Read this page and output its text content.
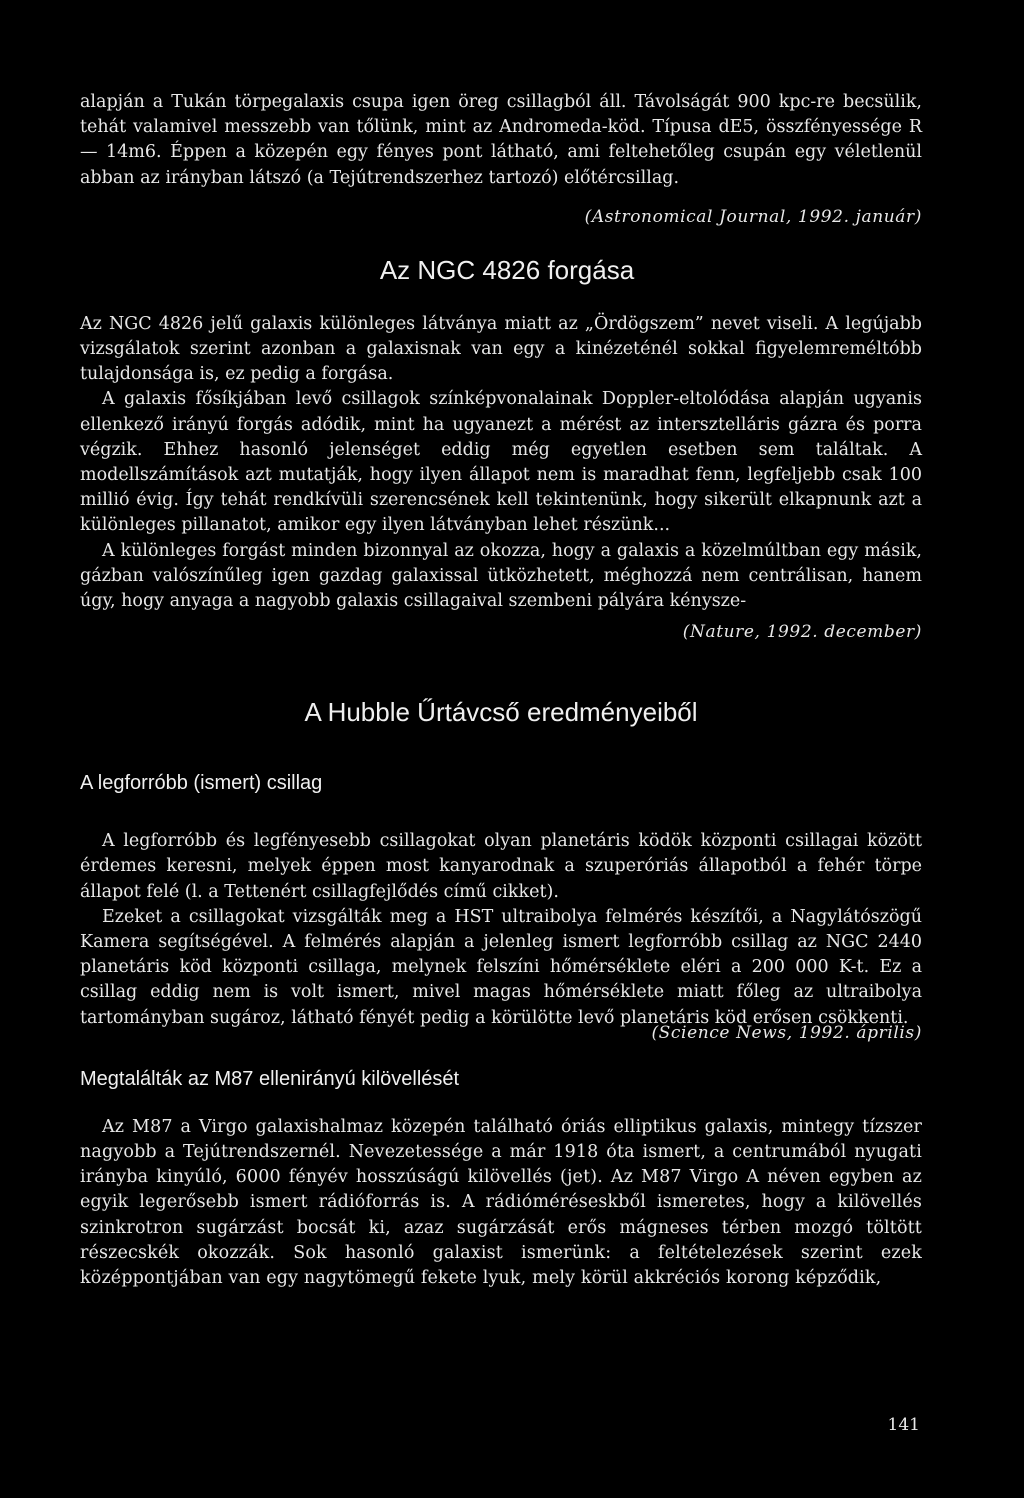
alapján a Tukán törpegalaxis csupa igen öreg csillagból áll. Távolságát 900 kpc-re becsülik, tehát valamivel messzebb van tőlünk, mint az Andromeda-köd. Típusa dE5, összfényessége R — 14m6. Éppen a közepén egy fényes pont látható, ami feltehetőleg csupán egy véletlenül abban az irányban látszó (a Tejútrendszerhez tartozó) előtércsillag.

(Astronomical Journal, 1992. január)
Az NGC 4826 forgása

Az NGC 4826 jelű galaxis különleges látványa miatt az „Ördögszem” nevet viseli. A legújabb vizsgálatok szerint azonban a galaxisnak van egy a kinézeténél sokkal figyelemreméltóbb tulajdonsága is, ez pedig a forgása.

A galaxis fősíkjában levő csillagok színképvonalainak Doppler-eltolódása alapján ugyanis ellenkező irányú forgás adódik, mint ha ugyanezt a mérést az intersztelláris gázra és porra végzik. Ehhez hasonló jelenséget eddig még egyetlen esetben sem találtak. A modellszámítások azt mutatják, hogy ilyen állapot nem is maradhat fenn, legfeljebb csak 100 millió évig. Így tehát rendkívüli szerencsének kell tekintenünk, hogy sikerült elkapnunk azt a különleges pillanatot, amikor egy ilyen látványban lehet részünk...

A különleges forgást minden bizonnyal az okozza, hogy a galaxis a közelmúltban egy másik, gázban valószínűleg igen gazdag galaxissal ütközhetett, méghozzá nem centrálisan, hanem úgy, hogy anyaga a nagyobb galaxis csillagaival szembeni pályára kénysze-

(Nature, 1992. december)
A Hubble Űrtávcső eredményeiből
A legforróbb (ismert) csillag

A legforróbb és legfényesebb csillagokat olyan planetáris ködök központi csillagai között érdemes keresni, melyek éppen most kanyarodnak a szuperóriás állapotból a fehér törpe állapot felé (l. a Tettenért csillagfejlődés című cikket).

Ezeket a csillagokat vizsgálták meg a HST ultraibolya felmérés készítői, a Nagylátószögű Kamera segítségével. A felmérés alapján a jelenleg ismert legforróbb csillag az NGC 2440 planetáris köd központi csillaga, melynek felszíni hőmérséklete eléri a 200 000 K-t. Ez a csillag eddig nem is volt ismert, mivel magas hőmérséklete miatt főleg az ultraibolya tartományban sugároz, látható fényét pedig a körülötte levő planetáris köd erősen csökkenti.

(Science News, 1992. április)
Megtalálták az M87 ellenirányú kilövellését

Az M87 a Virgo galaxishalmaz közepén található óriás elliptikus galaxis, mintegy tízszer nagyobb a Tejútrendszernél. Nevezetessége a már 1918 óta ismert, a centrumából nyugati irányba kinyúló, 6000 fényév hosszúságú kilövellés (jet). Az M87 Virgo A néven egyben az egyik legerősebb ismert rádióforrás is. A rádióméréseskből ismeretes, hogy a kilövellés szinkrotron sugárzást bocsát ki, azaz sugárzását erős mágneses térben mozgó töltött részecskék okozzák. Sok hasonló galaxist ismerünk: a feltételezések szerint ezek középpontjában van egy nagytömegű fekete lyuk, mely körül akkréciós korong képződik,

141
